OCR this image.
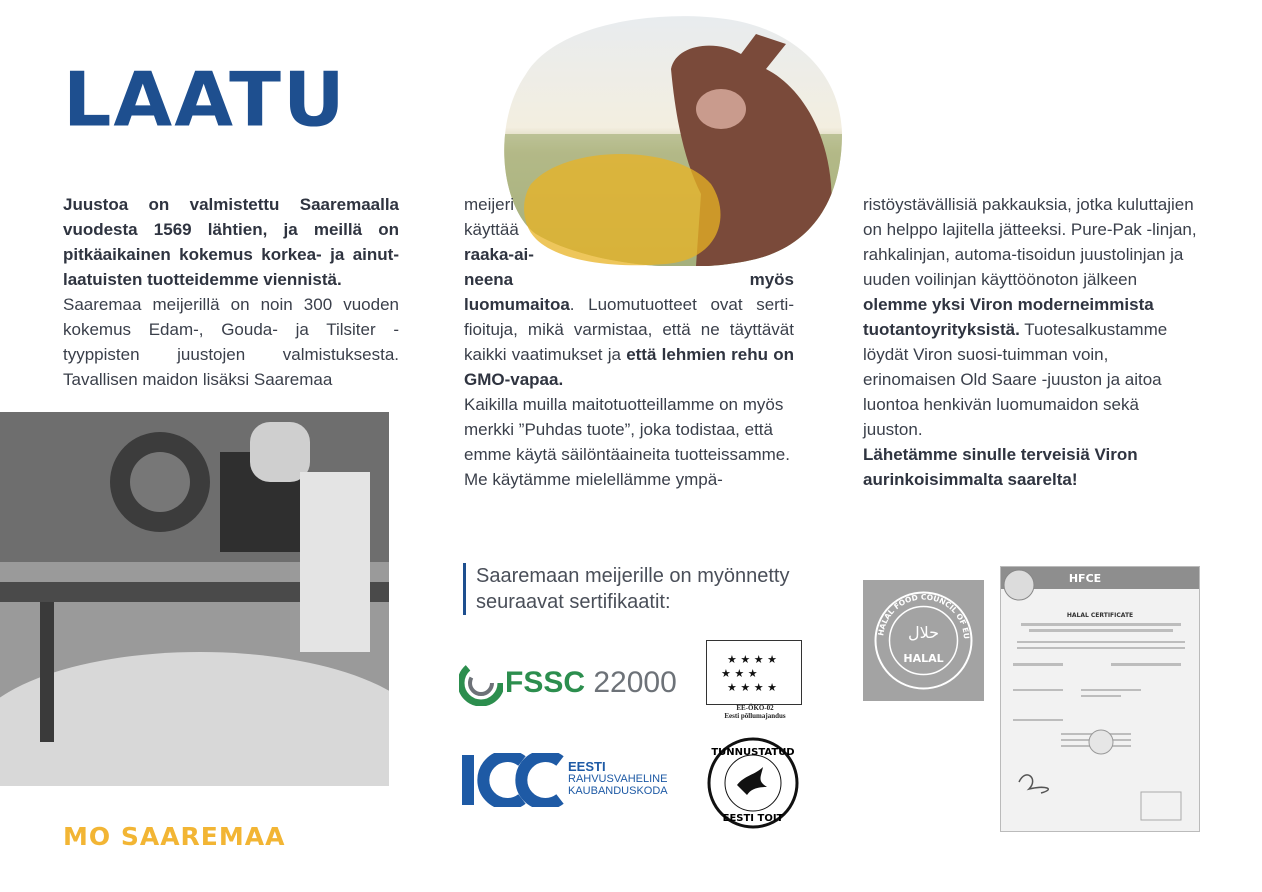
LAATU

Juustoa on valmistettu Saaremaalla vuodesta 1569 lähtien, ja meillä on pitkäaikainen kokemus korkea- ja ainut-laatuisten tuotteidemme viennistä.

Saaremaa meijerillä on noin 300 vuoden kokemus Edam-, Gouda- ja Tilsiter -tyyppisten juustojen valmistuksesta. Tavallisen maidon lisäksi Saaremaa

meijeri

käyttää

raaka-ai-

neena	myös

luomumaitoa. Luomutuotteet ovat serti-fioituja, mikä varmistaa, että ne täyttävät kaikki vaatimukset ja että lehmien rehu on GMO-vapaa.

Kaikilla muilla maitotuotteillamme on myös merkki ”Puhdas tuote”, joka todistaa, että emme käytä säilöntäaineita tuotteissamme.

Me käytämme mielellämme ympä-

ristöystävällisiä pakkauksia, jotka kuluttajien on helppo lajitella jätteeksi. Pure-Pak -linjan, rahkalinjan, automa-tisoidun juustolinjan ja uuden voilinjan käyttöönoton jälkeen olemme yksi Viron moderneimmista tuotantoyrityksistä. Tuotesalkustamme löydät Viron suosi-tuimman voin, erinomaisen Old Saare -juuston ja aitoa luontoa henkivän luomumaidon sekä juuston.

Lähetämme sinulle terveisiä Viron aurinkoisimmalta saarelta!

MO SAAREMAA
Saaremaan meijerille on myönnetty seuraavat sertifikaatit:
FSSC 22000
★ ★ ★ ★
★ ★ ★
★ ★ ★ ★
EE-ÖKO-02
Eesti põllumajandus
EESTI
RAHVUSVAHELINE
KAUBANDUSKODA
TUNNUSTATUD
EESTI TOIT
HALAL FOOD COUNCIL OF EU
حلال
HALAL
HFCE
HALAL CERTIFICATE
